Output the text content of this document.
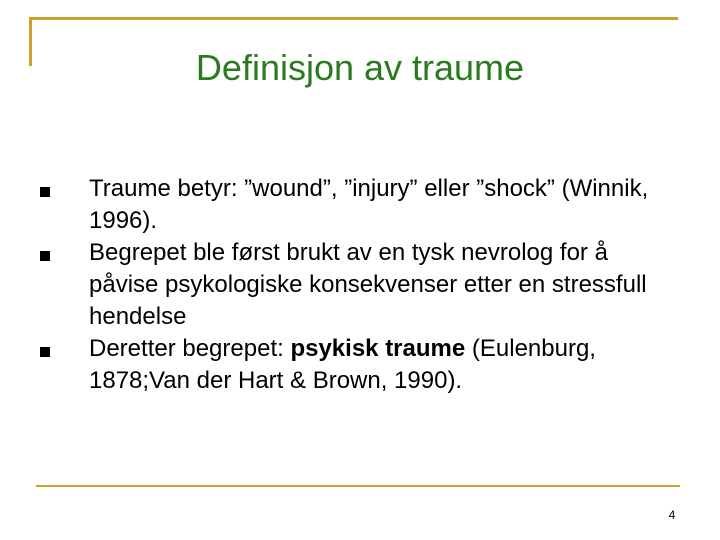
Definisjon av traume
Traume betyr: ”wound”, ”injury” eller ”shock” (Winnik, 1996).
Begrepet ble først brukt av en tysk nevrolog for å påvise psykologiske konsekvenser etter en stressfull hendelse
Deretter begrepet: psykisk traume (Eulenburg, 1878;Van der Hart & Brown, 1990).
4
